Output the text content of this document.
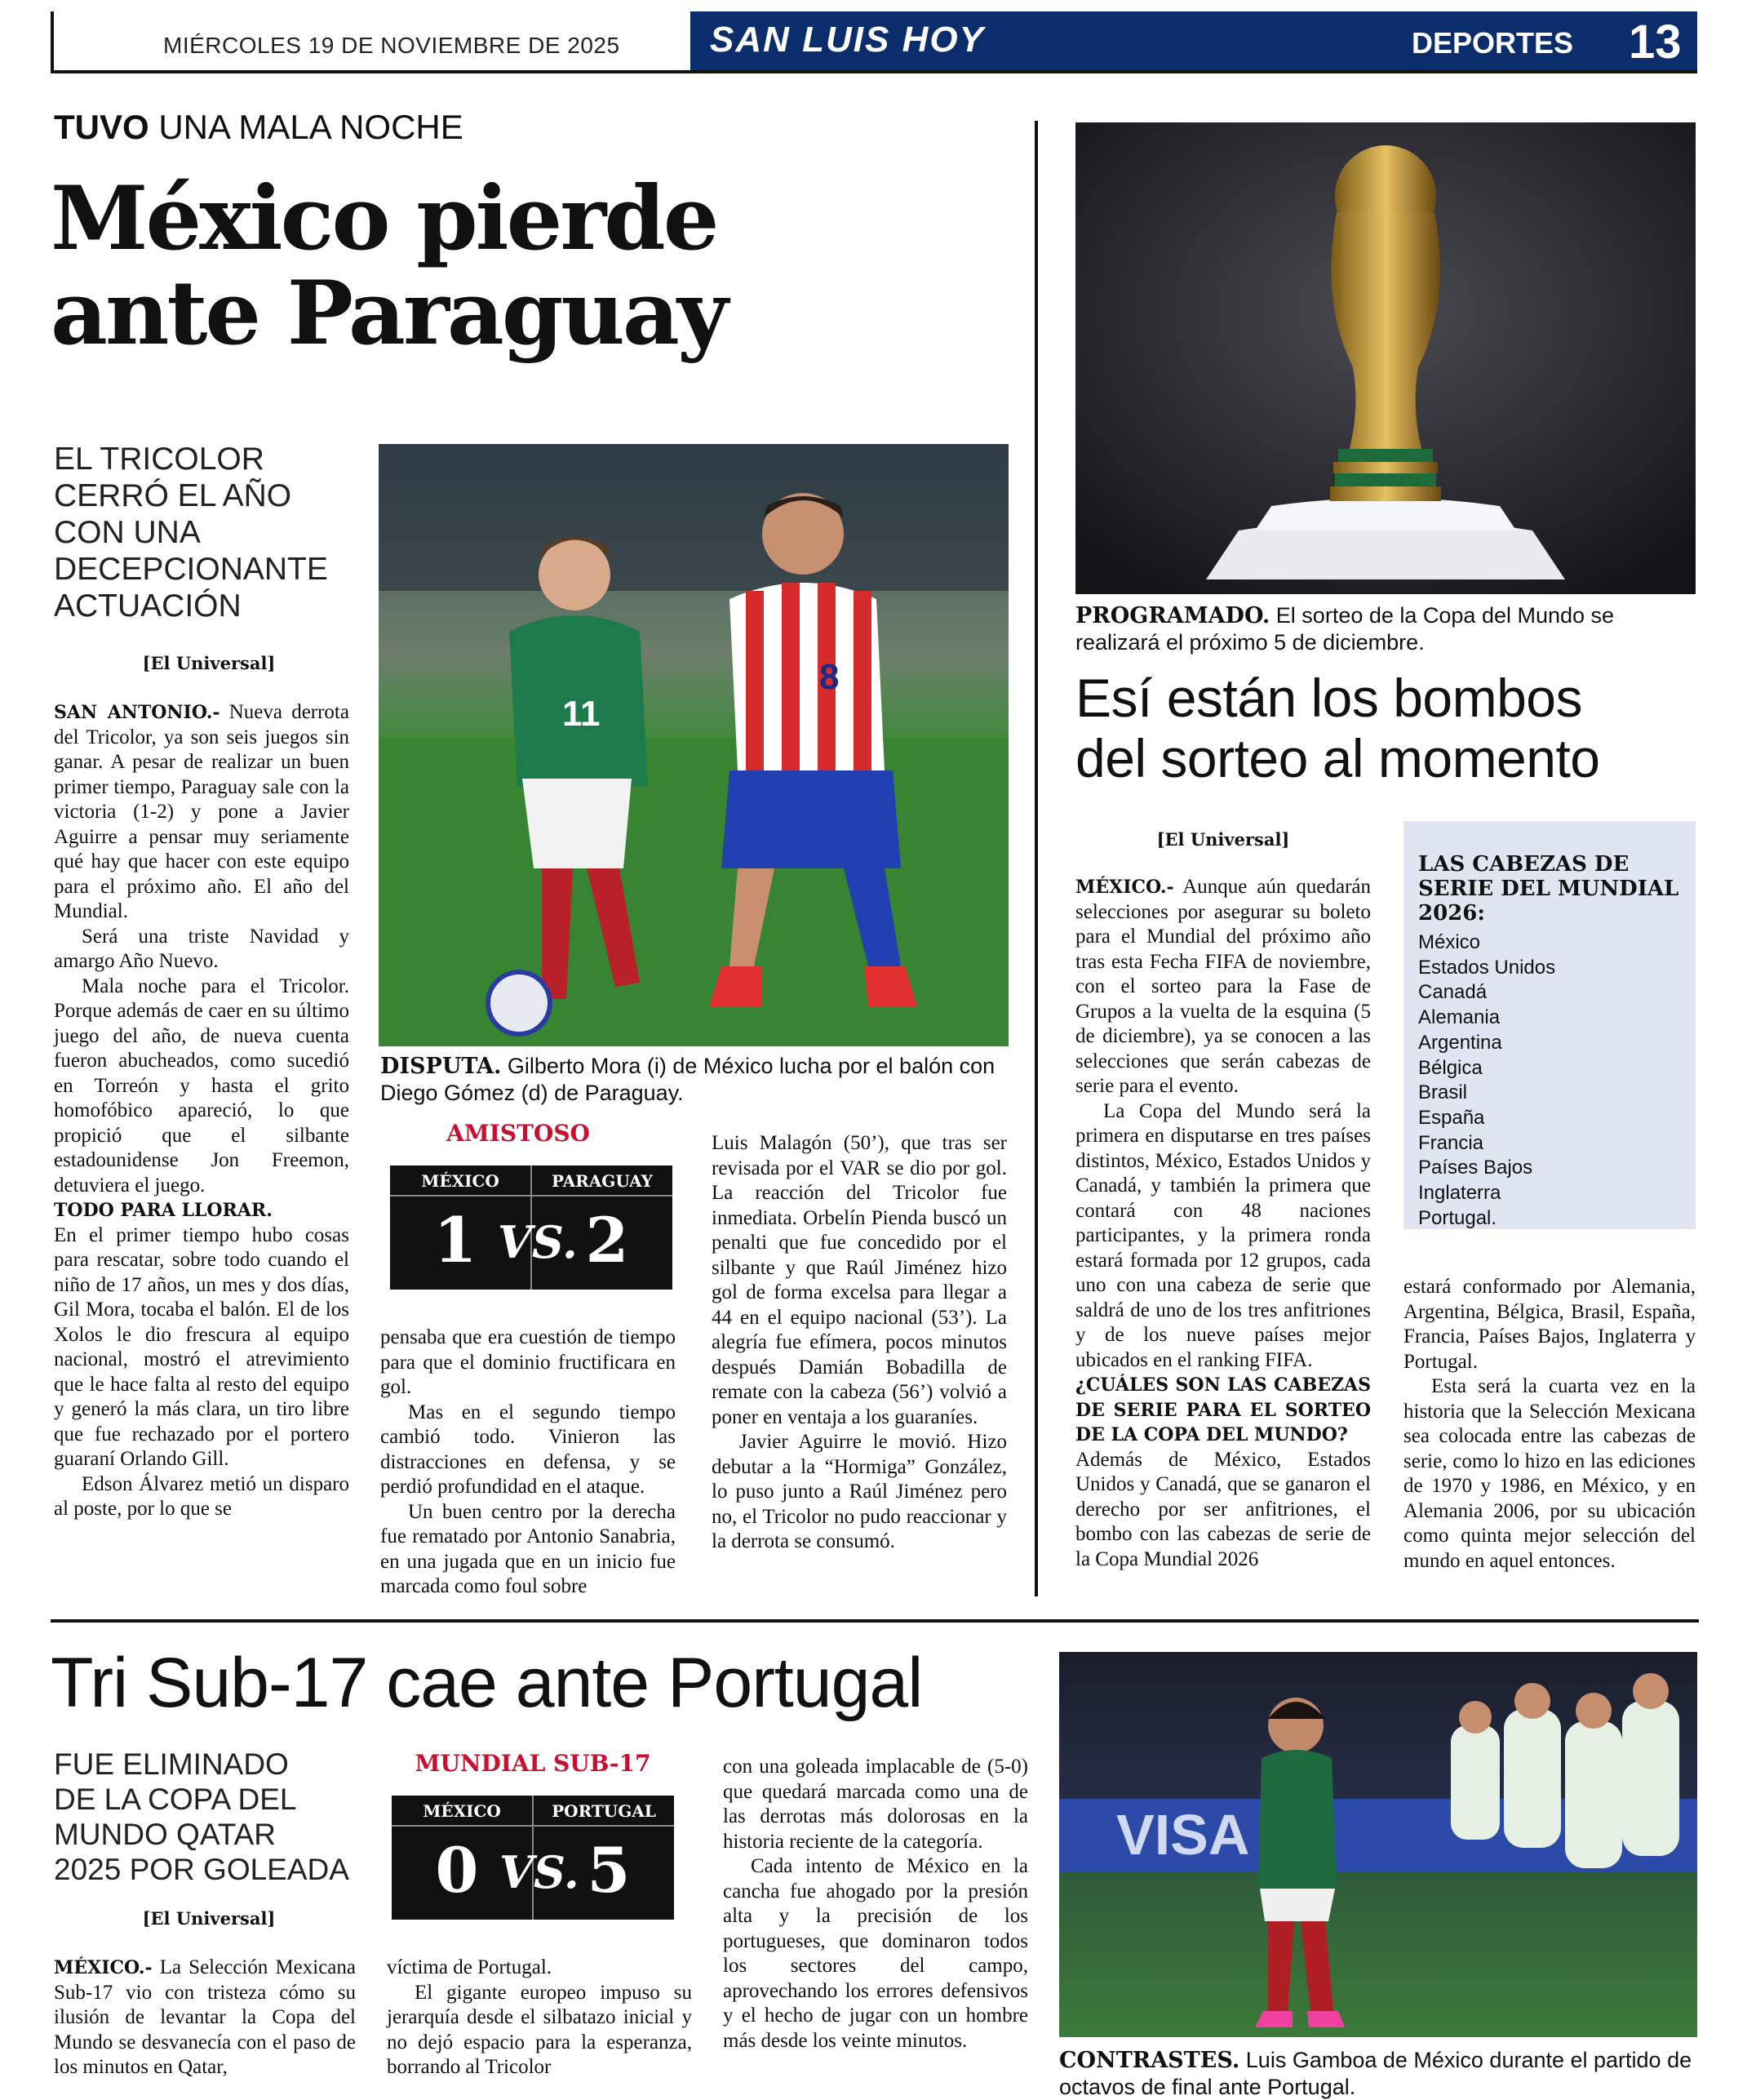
MIÉRCOLES 19 DE NOVIEMBRE DE 2025	SAN LUIS HOY	DEPORTES 13
TUVO UNA MALA NOCHE
México pierde
ante Paraguay
EL TRICOLOR
CERRÓ EL AÑO
CON UNA
DECEPCIONANTE
ACTUACIÓN
[El Universal]

SAN ANTONIO.- Nueva derrota del Tricolor, ya son seis juegos sin ganar. A pesar de realizar un buen primer tiempo, Paraguay sale con la victoria (1-2) y pone a Javier Aguirre a pensar muy seriamente qué hay que hacer con este equipo para el próximo año. El año del Mundial.

Será una triste Navidad y amargo Año Nuevo.

Mala noche para el Tricolor. Porque además de caer en su último juego del año, de nueva cuenta fueron abucheados, como sucedió en Torreón y hasta el grito homofóbico apareció, lo que propició que el silbante estadounidense Jon Freemon, detuviera el juego.

TODO PARA LLORAR.

En el primer tiempo hubo cosas para rescatar, sobre todo cuando el niño de 17 años, un mes y dos días, Gil Mora, tocaba el balón. El de los Xolos le dio frescura al equipo nacional, mostró el atrevimiento que le hace falta al resto del equipo y generó la más clara, un tiro libre que fue rechazado por el portero guaraní Orlando Gill.

Edson Álvarez metió un disparo al poste, por lo que se

11
8
DISPUTA. Gilberto Mora (i) de México lucha por el balón con Diego Gómez (d) de Paraguay.
AMISTOSO
MÉXICO	PARAGUAY
1 VS. 2

pensaba que era cuestión de tiempo para que el dominio fructificara en gol.

Mas en el segundo tiempo cambió todo. Vinieron las distracciones en defensa, y se perdió profundidad en el ataque.

Un buen centro por la derecha fue rematado por Antonio Sanabria, en una jugada que en un inicio fue marcada como foul sobre

Luis Malagón (50’), que tras ser revisada por el VAR se dio por gol. La reacción del Tricolor fue inmediata. Orbelín Pienda buscó un penalti que fue concedido por el silbante y que Raúl Jiménez hizo gol de forma excelsa para llegar a 44 en el equipo nacional (53’). La alegría fue efímera, pocos minutos después Damián Bobadilla de remate con la cabeza (56’) volvió a poner en ventaja a los guaraníes.

Javier Aguirre le movió. Hizo debutar a la “Hormiga” González, lo puso junto a Raúl Jiménez pero no, el Tricolor no pudo reaccionar y la derrota se consumó.

PROGRAMADO. El sorteo de la Copa del Mundo se realizará el próximo 5 de diciembre.
Esí están los bombos
del sorteo al momento
[El Universal]

MÉXICO.- Aunque aún quedarán selecciones por asegurar su boleto para el Mundial del próximo año tras esta Fecha FIFA de noviembre, con el sorteo para la Fase de Grupos a la vuelta de la esquina (5 de diciembre), ya se conocen a las selecciones que serán cabezas de serie para el evento.

La Copa del Mundo será la primera en disputarse en tres países distintos, México, Estados Unidos y Canadá, y también la primera que contará con 48 naciones participantes, y la primera ronda estará formada por 12 grupos, cada uno con una cabeza de serie que saldrá de uno de los tres anfitriones y de los nueve países mejor ubicados en el ranking FIFA.

¿CUÁLES SON LAS CABEZAS DE SERIE PARA EL SORTEO DE LA COPA DEL MUNDO?

Además de México, Estados Unidos y Canadá, que se ganaron el derecho por ser anfitriones, el bombo con las cabezas de serie de la Copa Mundial 2026

LAS CABEZAS DE SERIE DEL MUNDIAL 2026:
México
Estados Unidos
Canadá
Alemania
Argentina
Bélgica
Brasil
España
Francia
Países Bajos
Inglaterra
Portugal.

estará conformado por Alemania, Argentina, Bélgica, Brasil, España, Francia, Países Bajos, Inglaterra y Portugal.

Esta será la cuarta vez en la historia que la Selección Mexicana sea colocada entre las cabezas de serie, como lo hizo en las ediciones de 1970 y 1986, en México, y en Alemania 2006, por su ubicación como quinta mejor selección del mundo en aquel entonces.

Tri Sub-17 cae ante Portugal
FUE ELIMINADO
DE LA COPA DEL
MUNDO QATAR
2025 POR GOLEADA
[El Universal]

MÉXICO.- La Selección Mexicana Sub-17 vio con tristeza cómo su ilusión de levantar la Copa del Mundo se desvanecía con el paso de los minutos en Qatar,

MUNDIAL SUB-17
MÉXICO	PORTUGAL
0 VS. 5

víctima de Portugal.

El gigante europeo impuso su jerarquía desde el silbatazo inicial y no dejó espacio para la esperanza, borrando al Tricolor

con una goleada implacable de (5-0) que quedará marcada como una de las derrotas más dolorosas en la historia reciente de la categoría.

Cada intento de México en la cancha fue ahogado por la presión alta y la precisión de los portugueses, que dominaron todos los sectores del campo, aprovechando los errores defensivos y el hecho de jugar con un hombre más desde los veinte minutos.

VISA
CONTRASTES. Luis Gamboa de México durante el partido de octavos de final ante Portugal.
